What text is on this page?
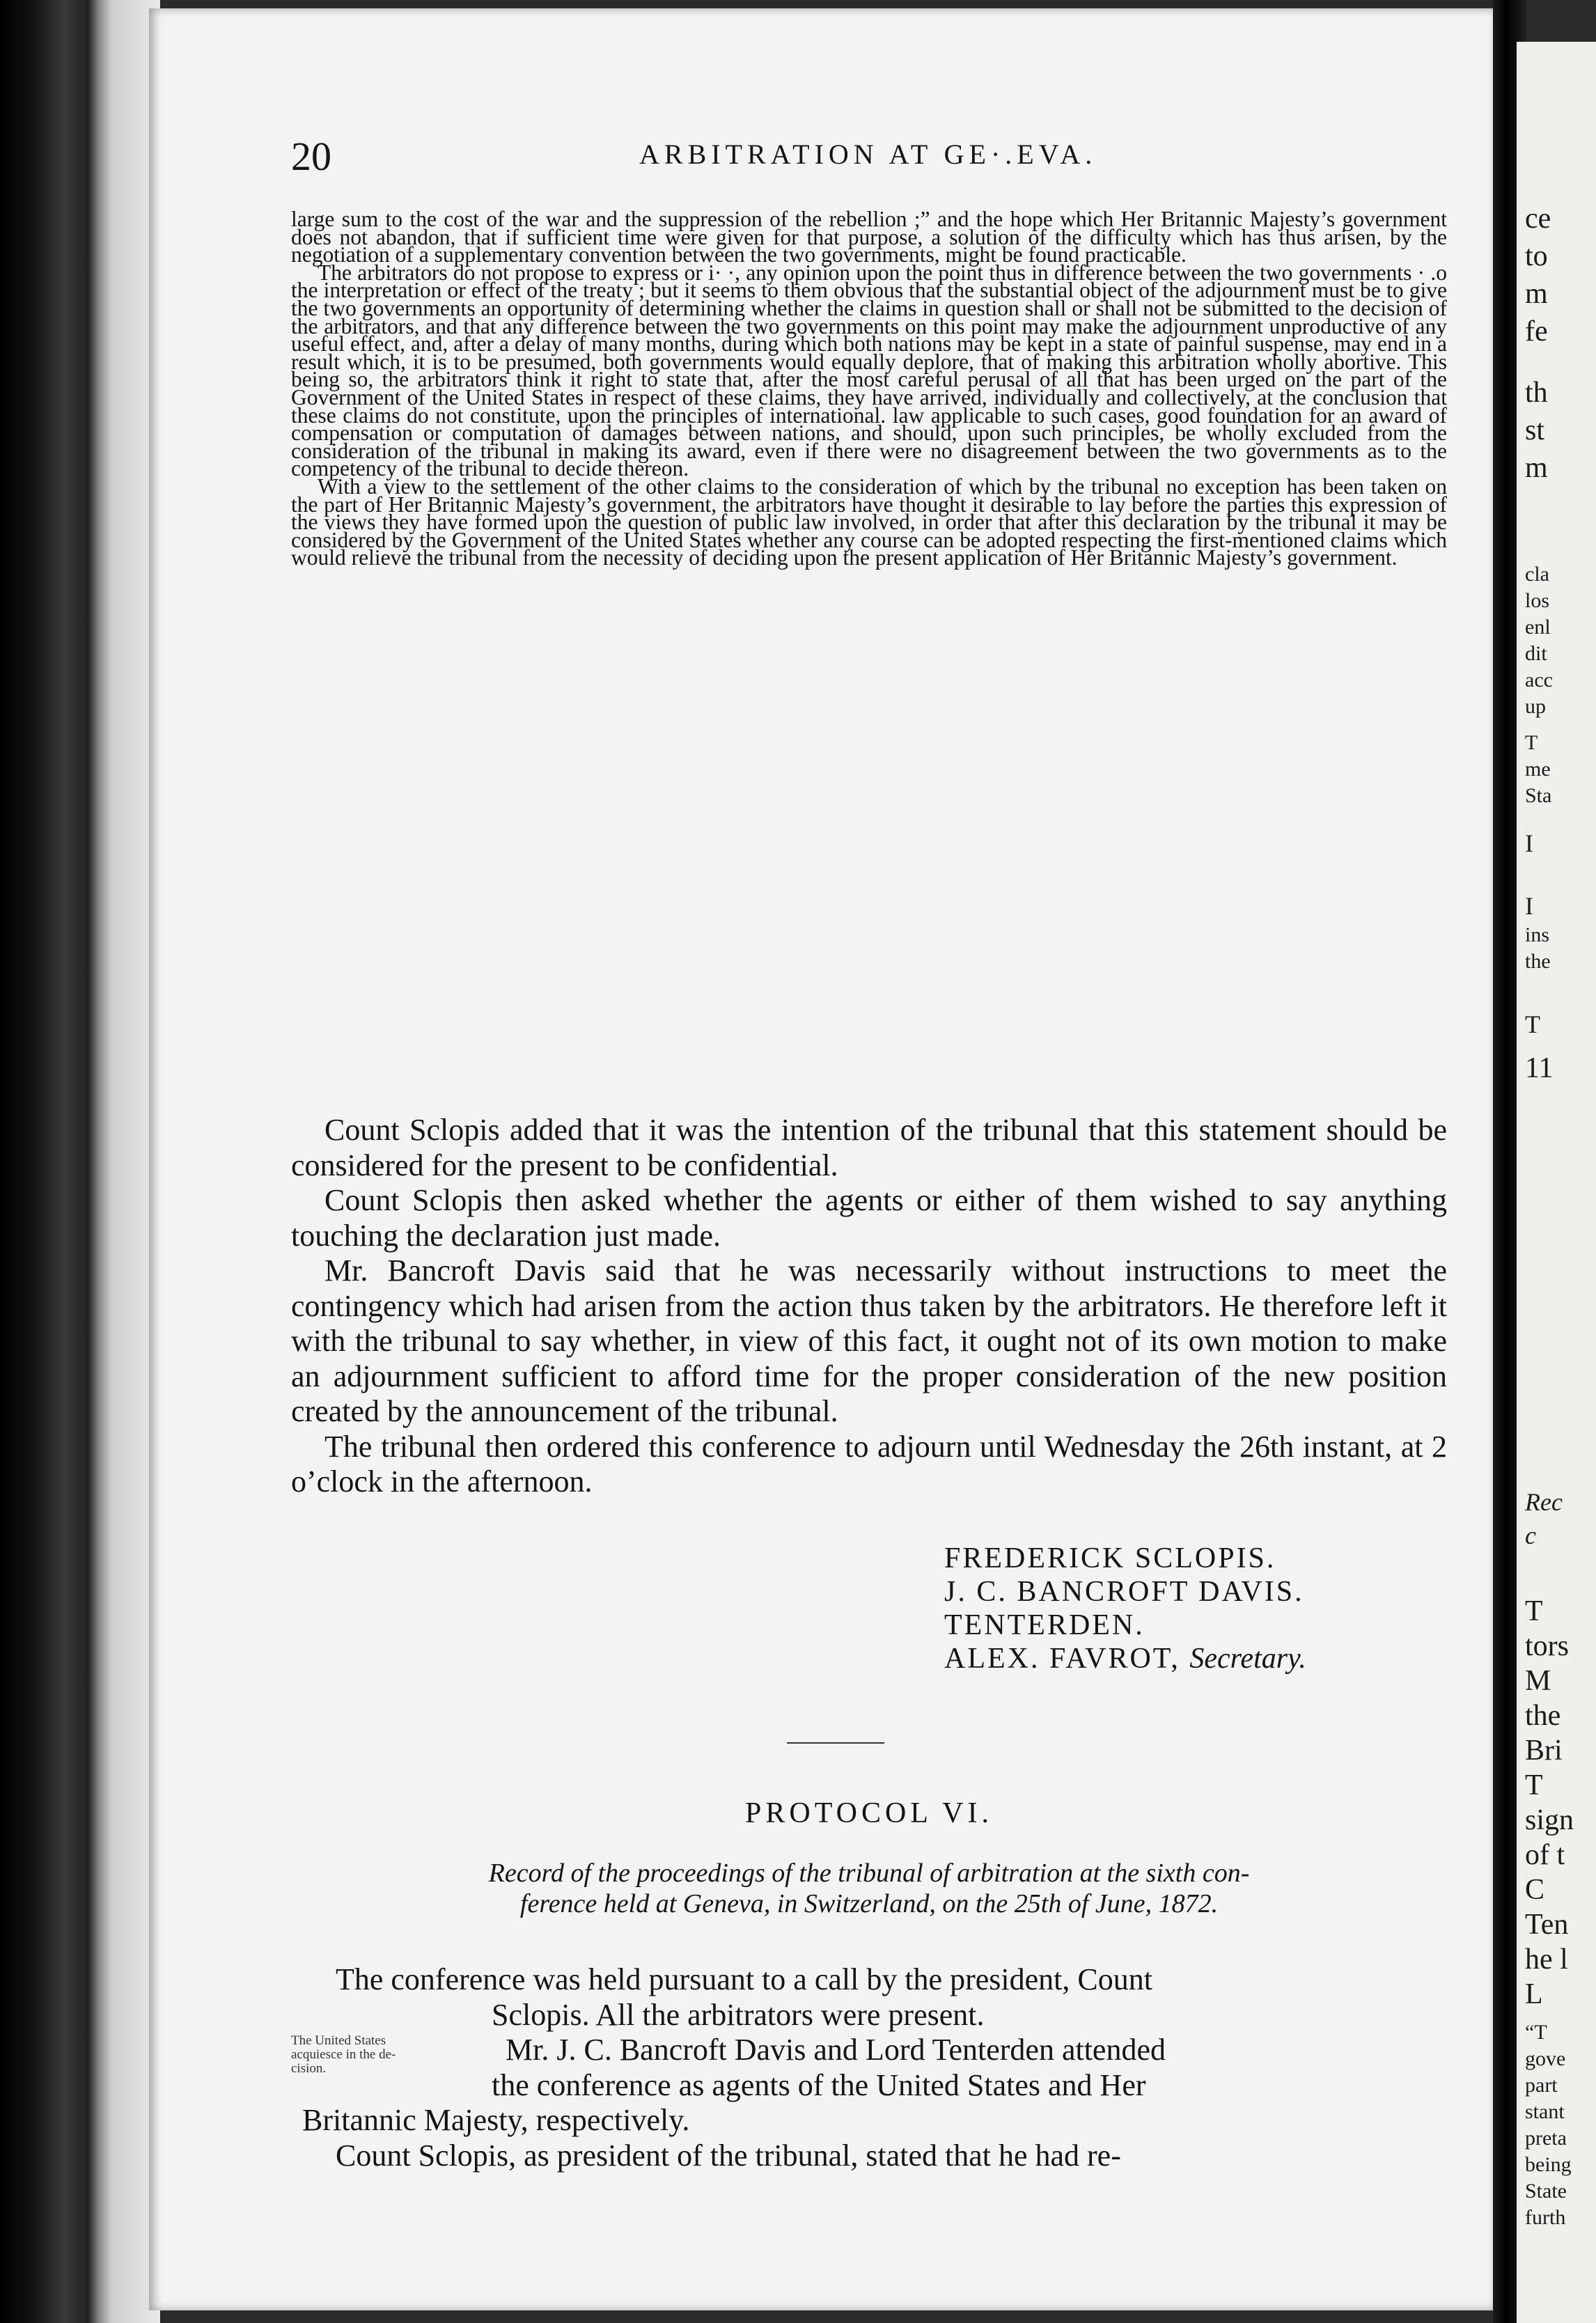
ce
to
m
fe
th
st
m
cla
los
enl
dit
acc
up
T
me
Sta
I
I
ins
the
T
11
Rec
c
T
tors
M
the
Bri
T
sign
of t
C
Ten
he l
L
“T
gove
part
stant
preta
being
State
furth
20	ARBITRATION AT GE·.EVA.

large sum to the cost of the war and the suppression of the rebellion ;” and the hope which Her Britannic Majesty’s government does not abandon, that if sufficient time were given for that purpose, a solution of the difficulty which has thus arisen, by the negotiation of a supplementary convention between the two governments, might be found practicable.

The arbitrators do not propose to express or i· ·, any opinion upon the point thus in difference between the two governments · .o the interpretation or effect of the treaty ; but it seems to them obvious that the substantial object of the adjournment must be to give the two governments an opportunity of determining whether the claims in question shall or shall not be submitted to the decision of the arbitrators, and that any difference between the two governments on this point may make the adjournment unproductive of any useful effect, and, after a delay of many months, during which both nations may be kept in a state of painful suspense, may end in a result which, it is to be presumed, both governments would equally deplore, that of making this arbitration wholly abortive. This being so, the arbitrators think it right to state that, after the most careful perusal of all that has been urged on the part of the Government of the United States in respect of these claims, they have arrived, individually and collectively, at the conclusion that these claims do not constitute, upon the principles of international. law applicable to such cases, good foundation for an award of compensation or computation of damages between nations, and should, upon such principles, be wholly excluded from the consideration of the tribunal in making its award, even if there were no disagreement between the two governments as to the competency of the tribunal to decide thereon.

With a view to the settlement of the other claims to the consideration of which by the tribunal no exception has been taken on the part of Her Britannic Majesty’s government, the arbitrators have thought it desirable to lay before the parties this expression of the views they have formed upon the question of public law involved, in order that after this declaration by the tribunal it may be considered by the Government of the United States whether any course can be adopted respecting the first-mentioned claims which would relieve the tribunal from the necessity of deciding upon the present application of Her Britannic Majesty’s government.

Count Sclopis added that it was the intention of the tribunal that this statement should be considered for the present to be confidential.

Count Sclopis then asked whether the agents or either of them wished to say anything touching the declaration just made.

Mr. Bancroft Davis said that he was necessarily without instructions to meet the contingency which had arisen from the action thus taken by the arbitrators. He therefore left it with the tribunal to say whether, in view of this fact, it ought not of its own motion to make an adjournment sufficient to afford time for the proper consideration of the new position created by the announcement of the tribunal.

The tribunal then ordered this conference to adjourn until Wednesday the 26th instant, at 2 o’clock in the afternoon.

FREDERICK SCLOPIS.
J. C. BANCROFT DAVIS.
TENTERDEN.
ALEX. FAVROT, Secretary.
PROTOCOL VI.
Record of the proceedings of the tribunal of arbitration at the sixth con-
ference held at Geneva, in Switzerland, on the 25th of June, 1872.
The conference was held pursuant to a call by the president, Count
Sclopis. All the arbitrators were present.
Mr. J. C. Bancroft Davis and Lord Tenterden attended
the conference as agents of the United States and Her
Britannic Majesty, respectively.
Count Sclopis, as president of the tribunal, stated that he had re-
The United States
acquiesce in the de-
cision.
